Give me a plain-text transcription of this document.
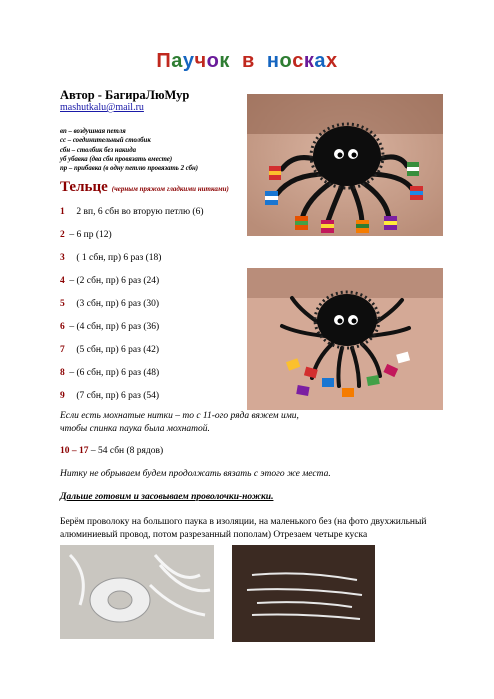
Паучок в носках
Автор - БагираЛюМур
mashutkalu@mail.ru
вп – воздушная петля
сс – соединительный столбик
сбн – столбик без накида
уб убавка (два сбн провязать вместе)
пр – прибавка (в одну петлю провязать 2 сбн)
Тельце (черным пряжом гладкими нитками)
1 2 вп, 6 сбн во вторую петлю (6)
2 – 6 пр (12)
3 ( 1 сбн, пр) 6 раз (18)
4 – (2 сбн, пр) 6 раз (24)
5 (3 сбн, пр) 6 раз (30)
6 – (4 сбн, пр) 6 раз (36)
7 (5 сбн, пр) 6 раз (42)
8 – (6 сбн, пр) 6 раз (48)
9 (7 сбн, пр) 6 раз (54)
Если есть мохнатые нитки – то с 11-ого ряда вяжем ими, чтобы спинка паука была мохнатой.
10 – 17 – 54 сбн (8 рядов)
Нитку не обрываем будем продолжать вязать с этого же места.
Дальше готовим и засовываем проволочки-ножки.
Берём проволоку на большого паука в изоляции, на маленького без (на фото двухжильный алюминиевый провод, потом разрезанный пополам) Отрезаем четыре куска
